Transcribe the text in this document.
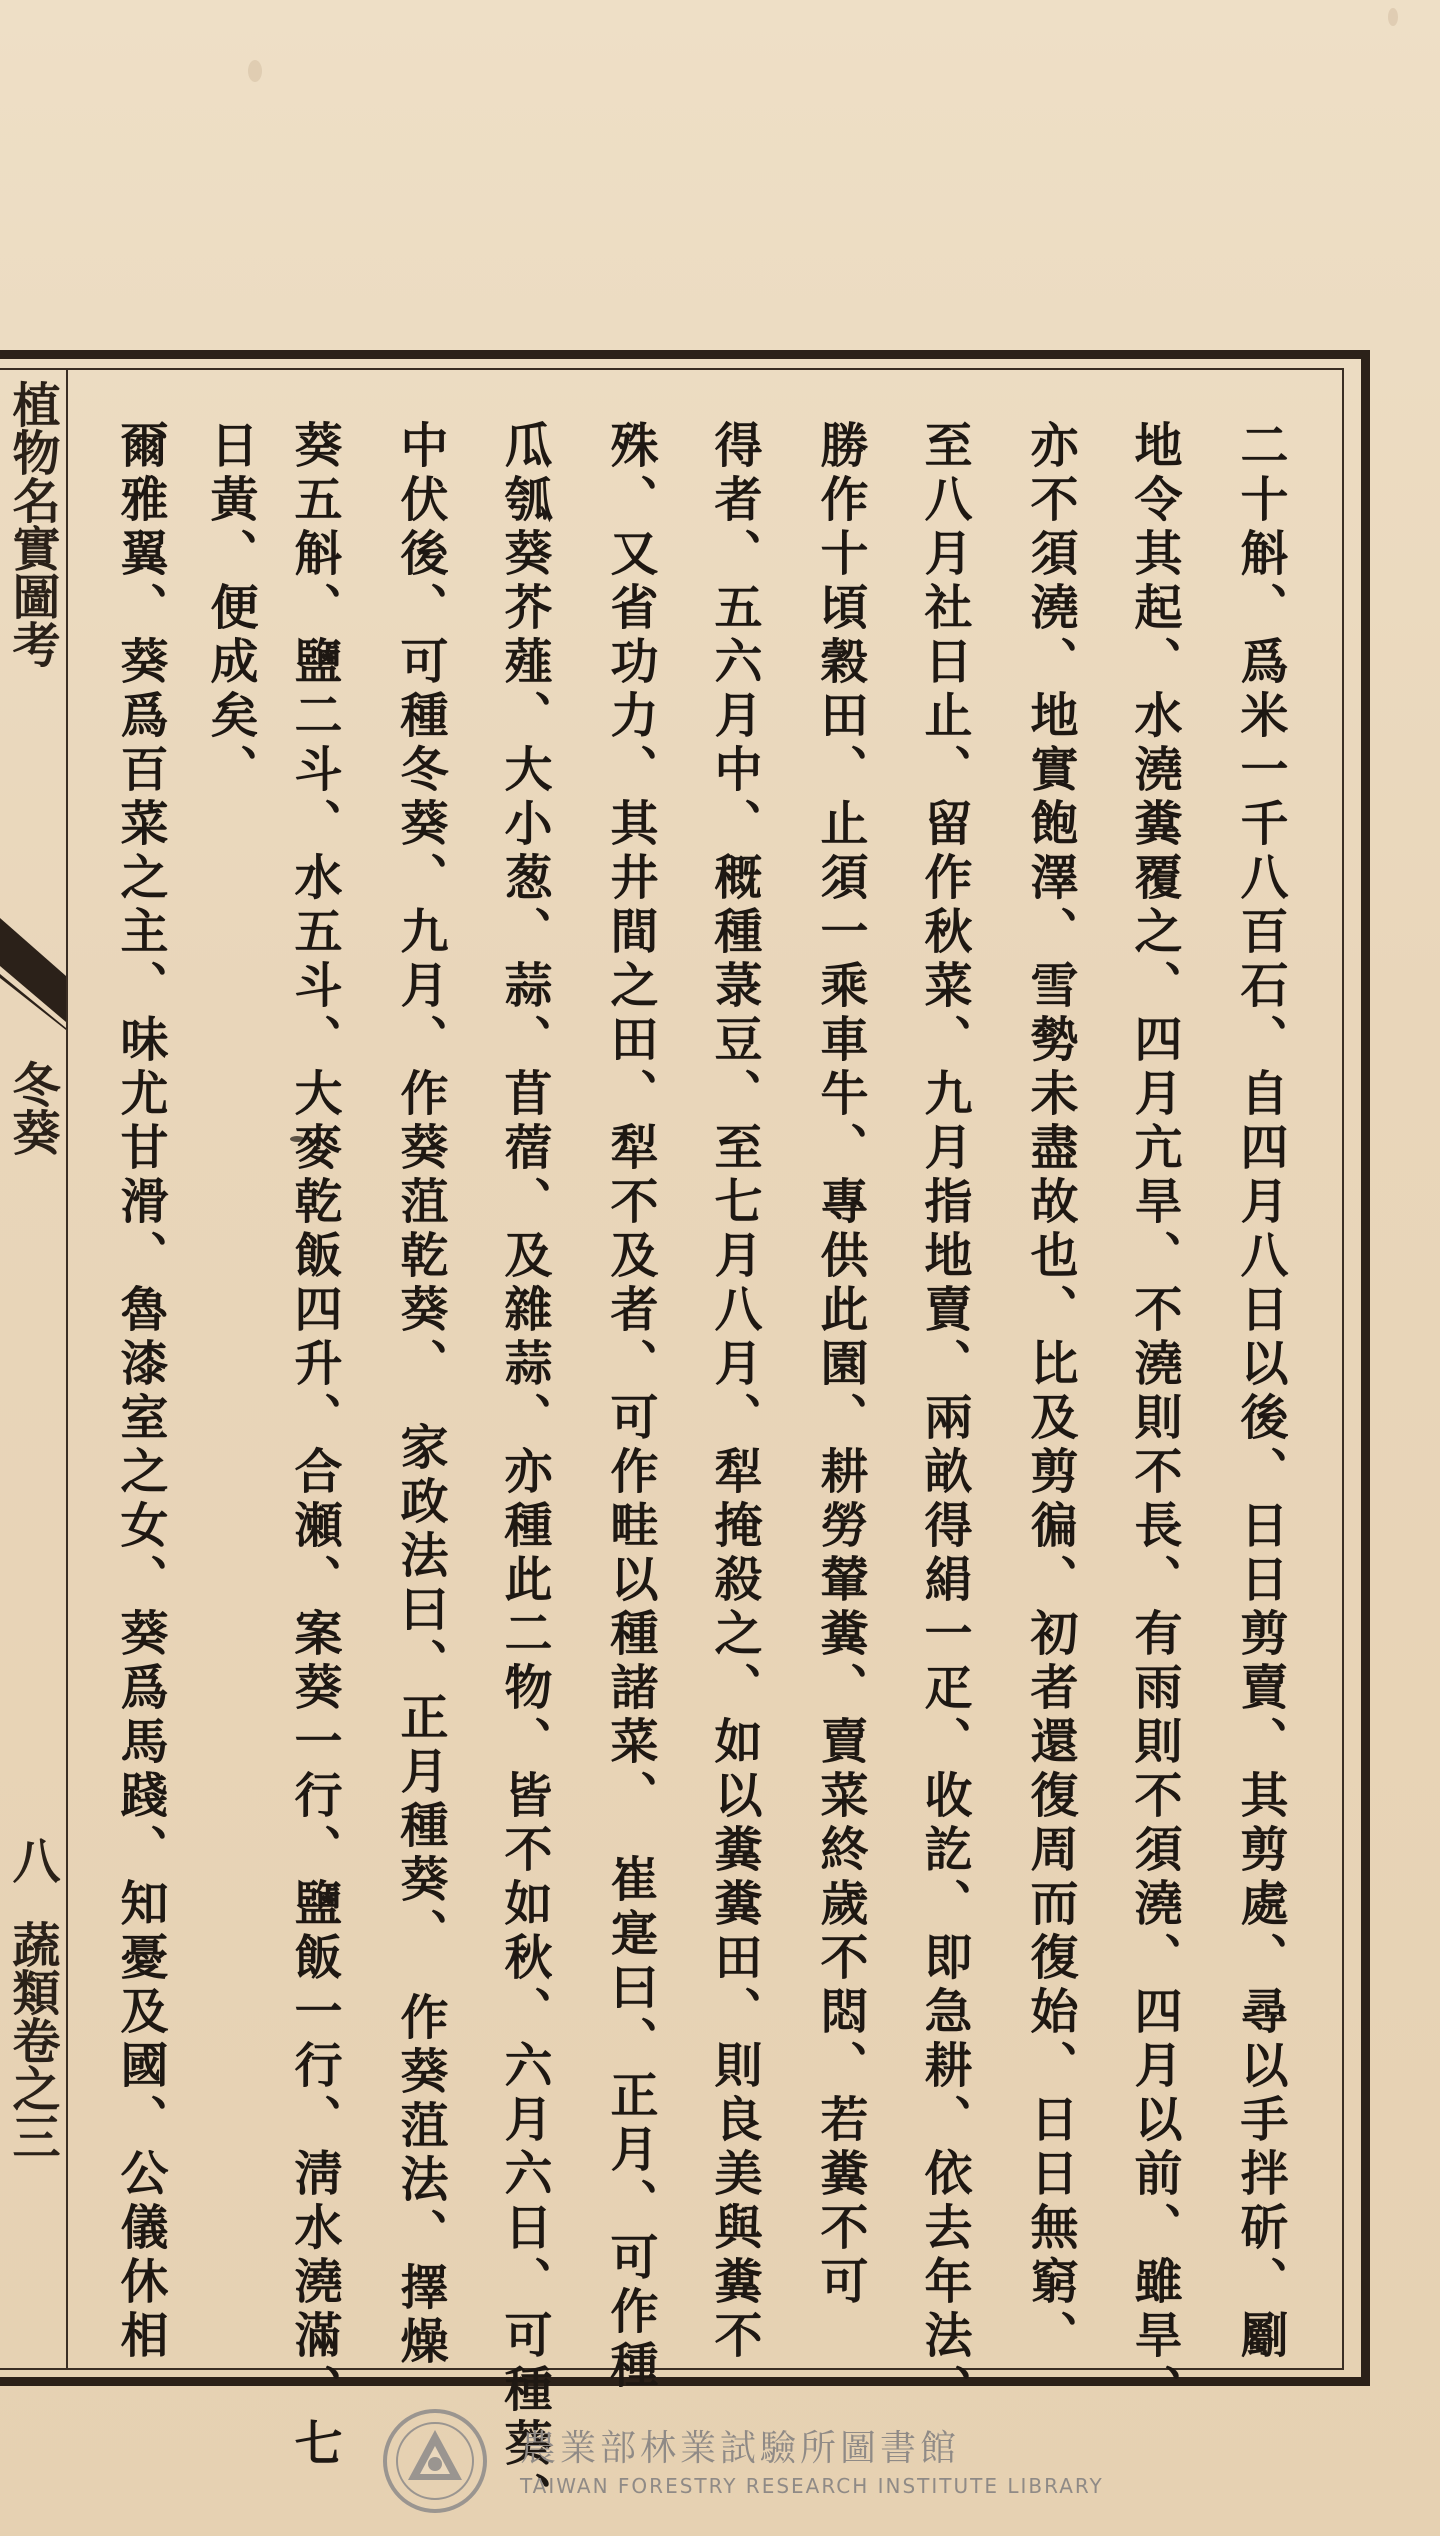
植物名實圖考
冬葵
八
蔬類卷之三	二十斛、爲米一千八百石、自四月八日以後、日日剪賣、其剪處、尋以手拌斫、劚
地令其起、水澆糞覆之、四月亢旱、不澆則不長、有雨則不須澆、四月以前、雖旱、
亦不須澆、地實飽澤、雪勢未盡故也、比及剪徧、初者還復周而復始、日日無窮、
至八月社日止、留作秋菜、九月指地賣、兩畝得絹一疋、收訖、即急耕、依去年法、
勝作十頃穀田、止須一乘車牛、專供此園、耕勞輦糞、賣菜終歲不悶、若糞不可
得者、五六月中、穊種菉豆、至七月八月、犁掩殺之、如以糞糞田、則良美與糞不
殊、又省功力、其井間之田、犁不及者、可作畦以種諸菜、　崔寔曰、正月、可作種
瓜瓠葵芥薤、大小葱、蒜、苜蓿、及雜蒜、亦種此二物、皆不如秋、六月六日、可種葵、
中伏後、可種冬葵、九月、作葵菹乾葵、　家政法曰、正月種葵、　作葵菹法、擇燥
葵五斛、鹽二斗、水五斗、大麥乾飯四升、合瀬、案葵一行、鹽飯一行、淸水澆滿、七
日黃、便成矣、
爾雅翼、葵爲百菜之主、味尤甘滑、魯漆室之女、葵爲馬踐、知憂及國、公儀休相
農業部林業試驗所圖書館
TAIWAN FORESTRY RESEARCH INSTITUTE LIBRARY
